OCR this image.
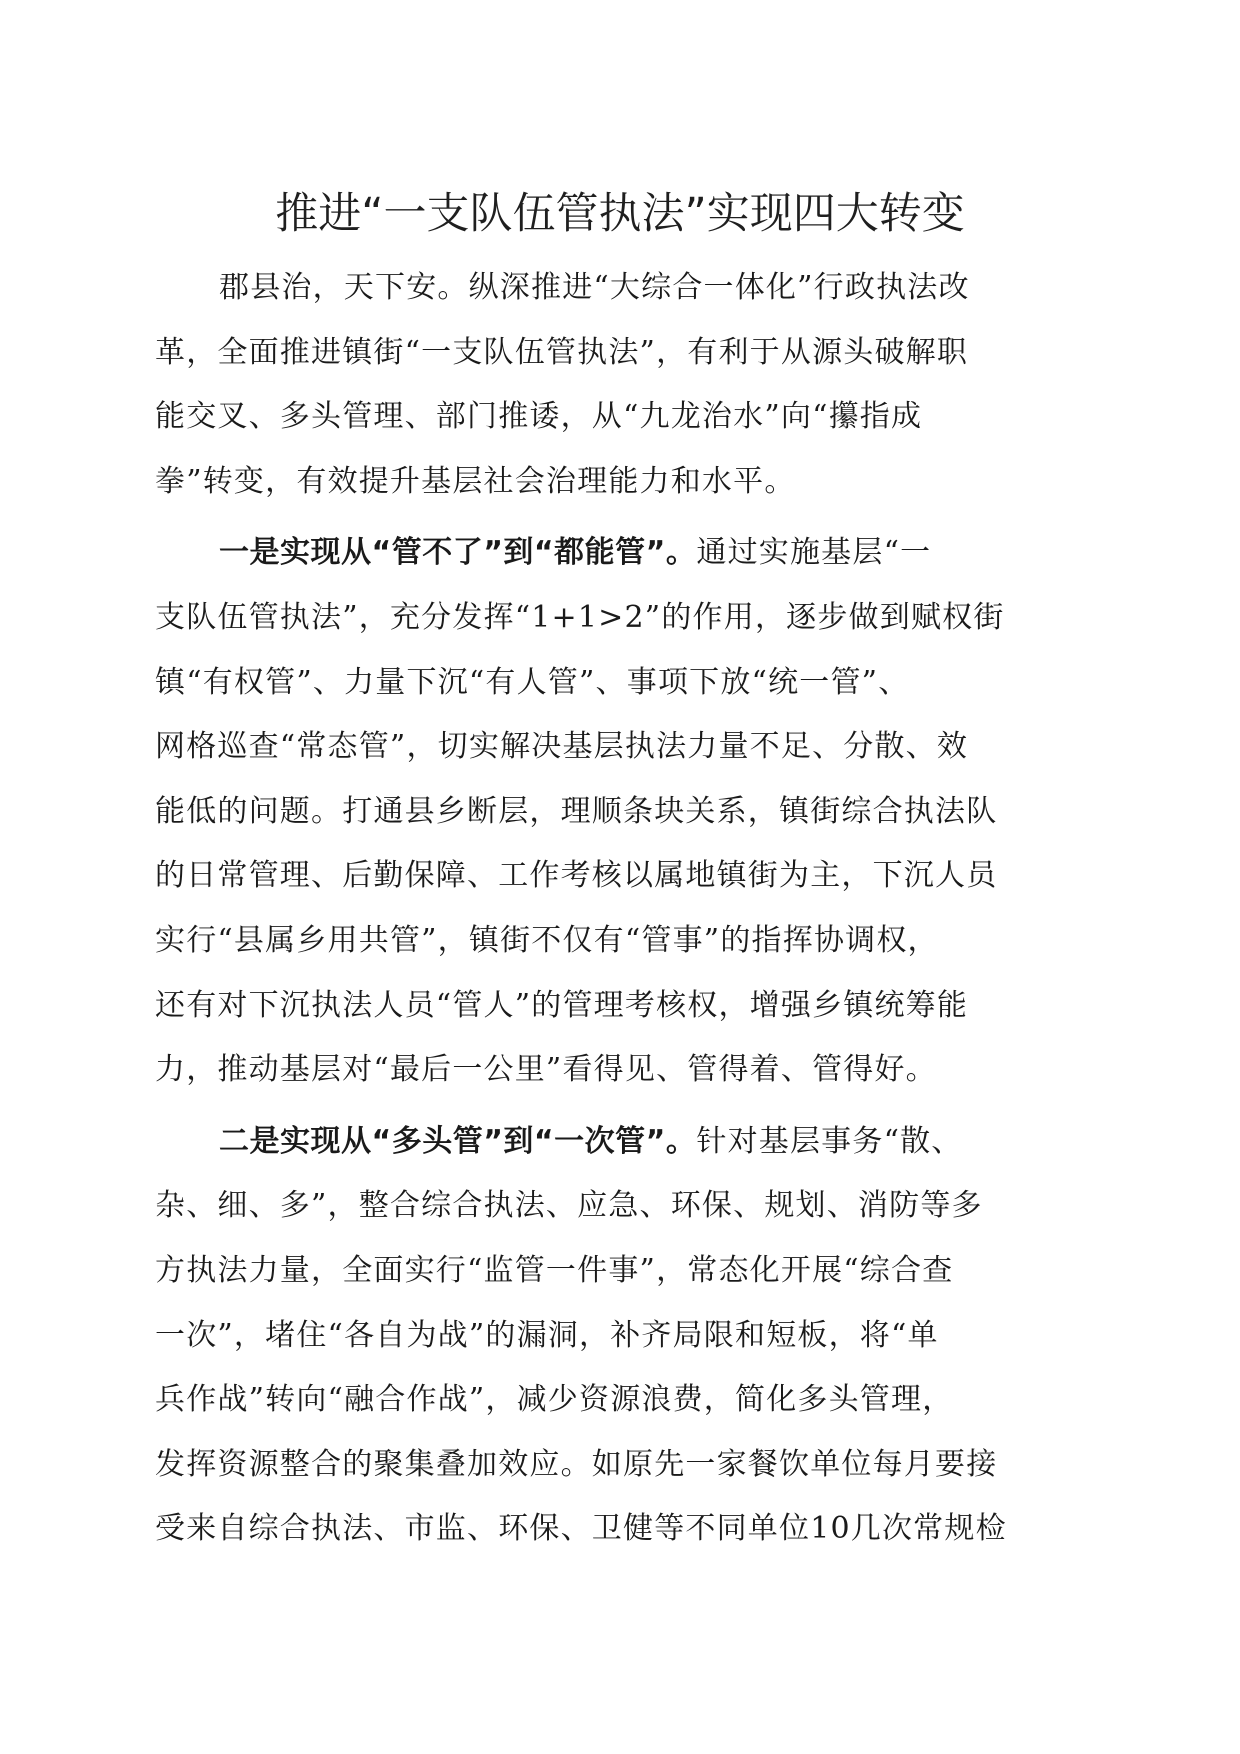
推进“一支队伍管执法”实现四大转变
郡县治，天下安。纵深推进“大综合一体化”行政执法改
革，全面推进镇街“一支队伍管执法”，有利于从源头破解职
能交叉、多头管理、部门推诿，从“九龙治水”向“攥指成
拳”转变，有效提升基层社会治理能力和水平。
一是实现从“管不了”到“都能管”。通过实施基层“一
支队伍管执法”，充分发挥“1+1>2”的作用，逐步做到赋权街
镇“有权管”、力量下沉“有人管”、事项下放“统一管”、
网格巡查“常态管”，切实解决基层执法力量不足、分散、效
能低的问题。打通县乡断层，理顺条块关系，镇街综合执法队
的日常管理、后勤保障、工作考核以属地镇街为主，下沉人员
实行“县属乡用共管”，镇街不仅有“管事”的指挥协调权，
还有对下沉执法人员“管人”的管理考核权，增强乡镇统筹能
力，推动基层对“最后一公里”看得见、管得着、管得好。
二是实现从“多头管”到“一次管”。针对基层事务“散、
杂、细、多”，整合综合执法、应急、环保、规划、消防等多
方执法力量，全面实行“监管一件事”，常态化开展“综合查
一次”，堵住“各自为战”的漏洞，补齐局限和短板，将“单
兵作战”转向“融合作战”，减少资源浪费，简化多头管理，
发挥资源整合的聚集叠加效应。如原先一家餐饮单位每月要接
受来自综合执法、市监、环保、卫健等不同单位10几次常规检
